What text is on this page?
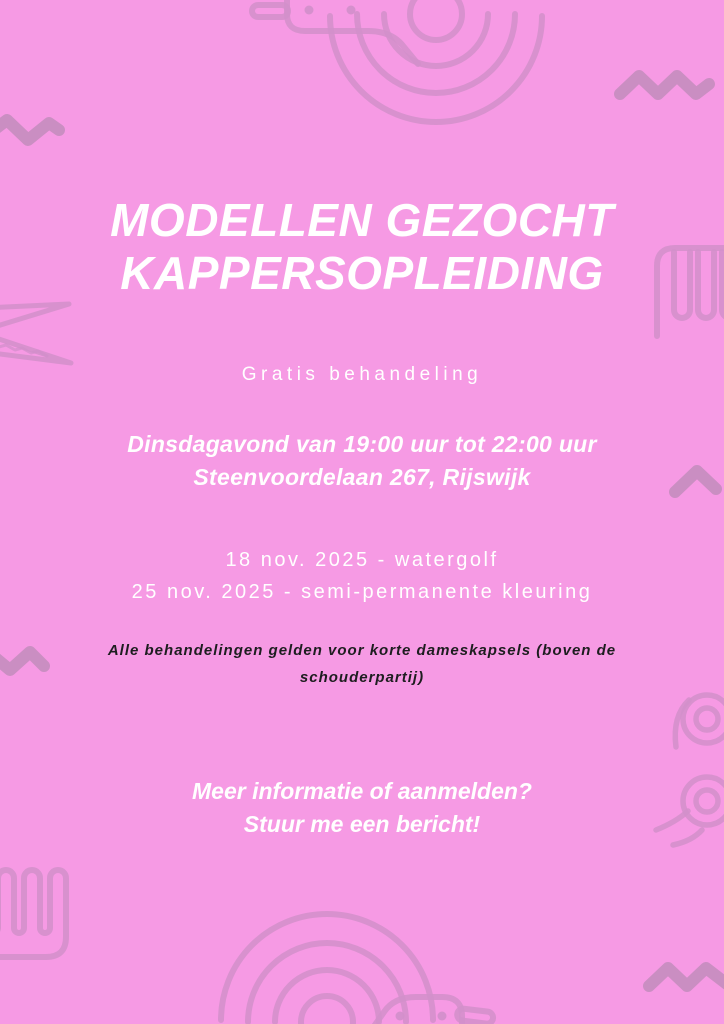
MODELLEN GEZOCHT
KAPPERSOPLEIDING
Gratis behandeling
Dinsdagavond van 19:00 uur tot 22:00 uur
Steenvoordelaan 267, Rijswijk
18 nov. 2025 - watergolf
25 nov. 2025 - semi-permanente kleuring
Alle behandelingen gelden voor korte dameskapsels (boven de schouderpartij)
Meer informatie of aanmelden?
Stuur me een bericht!
